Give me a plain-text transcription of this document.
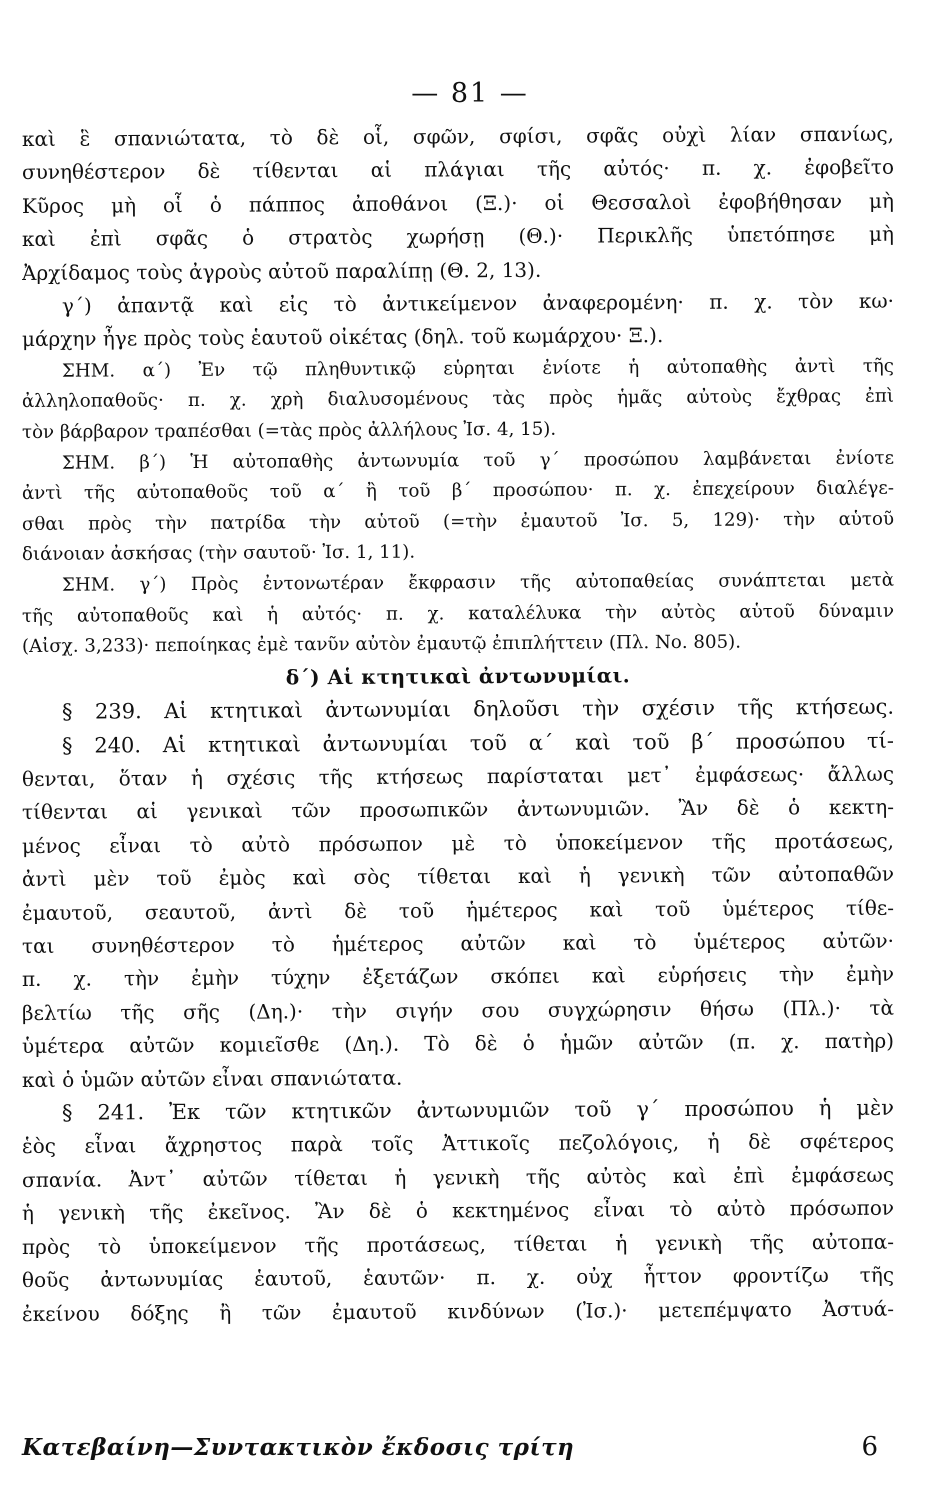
— 81 —
καὶ ἓ σπανιώτατα, τὸ δὲ οἷ, σφῶν, σφίσι, σφᾶς οὐχὶ λίαν σπανίως,
συνηθέστερον δὲ τίθενται αἱ πλάγιαι τῆς αὐτός· π. χ. ἐφοβεῖτο
Κῦρος μὴ οἷ ὁ πάππος ἀποθάνοι (Ξ.)· οἱ Θεσσαλοὶ ἐφοβήθησαν μὴ
καὶ ἐπὶ σφᾶς ὁ στρατὸς χωρήσῃ (Θ.)· Περικλῆς ὑπετόπησε μὴ
Ἀρχίδαμος τοὺς ἀγροὺς αὐτοῦ παραλίπῃ (Θ. 2, 13).
γ΄) ἀπαντᾷ καὶ εἰς τὸ ἀντικείμενον ἀναφερομένη· π. χ. τὸν κω·
μάρχην ἦγε πρὸς τοὺς ἑαυτοῦ οἰκέτας (δηλ. τοῦ κωμάρχου· Ξ.).
ΣΗΜ. α΄) Ἐν τῷ πληθυντικῷ εὑρηται ἐνίοτε ἡ αὐτοπαθὴς ἀντὶ τῆς
ἀλληλοπαθοῦς· π. χ. χρὴ διαλυσομένους τὰς πρὸς ἡμᾶς αὐτοὺς ἔχθρας ἐπὶ
τὸν βάρβαρον τραπέσθαι (=τὰς πρὸς ἀλλήλους Ἰσ. 4, 15).
ΣΗΜ. β΄) Ἡ αὐτοπαθὴς ἀντωνυμία τοῦ γ΄ προσώπου λαμβάνεται ἐνίοτε
ἀντὶ τῆς αὐτοπαθοῦς τοῦ α΄ ἢ τοῦ β΄ προσώπου· π. χ. ἐπεχείρουν διαλέγε-
σθαι πρὸς τὴν πατρίδα τὴν αὑτοῦ (=τὴν ἐμαυτοῦ Ἰσ. 5, 129)· τὴν αὑτοῦ
διάνοιαν ἀσκήσας (τὴν σαυτοῦ· Ἰσ. 1, 11).
ΣΗΜ. γ΄) Πρὸς ἐντονωτέραν ἔκφρασιν τῆς αὐτοπαθείας συνάπτεται μετὰ
τῆς αὐτοπαθοῦς καὶ ἡ αὐτός· π. χ. καταλέλυκα τὴν αὐτὸς αὑτοῦ δύναμιν
(Αἰσχ. 3,233)· πεποίηκας ἐμὲ τανῦν αὐτὸν ἐμαυτῷ ἐπιπλήττειν (Πλ. Νο. 805).
δ΄) Αἱ κτητικαὶ ἀντωνυμίαι.
§ 239. Αἱ κτητικαὶ ἀντωνυμίαι δηλοῦσι τὴν σχέσιν τῆς κτήσεως.
§ 240. Αἱ κτητικαὶ ἀντωνυμίαι τοῦ α΄ καὶ τοῦ β΄ προσώπου τί-
θενται, ὅταν ἡ σχέσις τῆς κτήσεως παρίσταται μετ᾽ ἐμφάσεως· ἄλλως
τίθενται αἱ γενικαὶ τῶν προσωπικῶν ἀντωνυμιῶν. Ἂν δὲ ὁ κεκτη-
μένος εἶναι τὸ αὐτὸ πρόσωπον μὲ τὸ ὑποκείμενον τῆς προτάσεως,
ἀντὶ μὲν τοῦ ἐμὸς καὶ σὸς τίθεται καὶ ἡ γενικὴ τῶν αὐτοπαθῶν
ἐμαυτοῦ, σεαυτοῦ, ἀντὶ δὲ τοῦ ἡμέτερος καὶ τοῦ ὑμέτερος τίθε-
ται συνηθέστερον τὸ ἡμέτερος αὐτῶν καὶ τὸ ὑμέτερος αὐτῶν·
π. χ. τὴν ἐμὴν τύχην ἐξετάζων σκόπει καὶ εὑρήσεις τὴν ἐμὴν
βελτίω τῆς σῆς (Δη.)· τὴν σιγήν σου συγχώρησιν θήσω (Πλ.)· τὰ
ὑμέτερα αὐτῶν κομιεῖσθε (Δη.). Τὸ δὲ ὁ ἡμῶν αὐτῶν (π. χ. πατὴρ)
καὶ ὁ ὑμῶν αὐτῶν εἶναι σπανιώτατα.
§ 241. Ἐκ τῶν κτητικῶν ἀντωνυμιῶν τοῦ γ΄ προσώπου ἡ μὲν
ἑὸς εἶναι ἄχρηστος παρὰ τοῖς Ἀττικοῖς πεζολόγοις, ἡ δὲ σφέτερος
σπανία. Ἀντ᾽ αὐτῶν τίθεται ἡ γενικὴ τῆς αὐτὸς καὶ ἐπὶ ἐμφάσεως
ἡ γενικὴ τῆς ἐκεῖνος. Ἂν δὲ ὁ κεκτημένος εἶναι τὸ αὐτὸ πρόσωπον
πρὸς τὸ ὑποκείμενον τῆς προτάσεως, τίθεται ἡ γενικὴ τῆς αὐτοπα-
θοῦς ἀντωνυμίας ἑαυτοῦ, ἑαυτῶν· π. χ. οὐχ ἧττον φροντίζω τῆς
ἐκείνου δόξης ἢ τῶν ἐμαυτοῦ κινδύνων (Ἰσ.)· μετεπέμψατο Ἀστυά-
Κατεβαίνη—Συντακτικὸν ἔκδοσις τρίτη	6
